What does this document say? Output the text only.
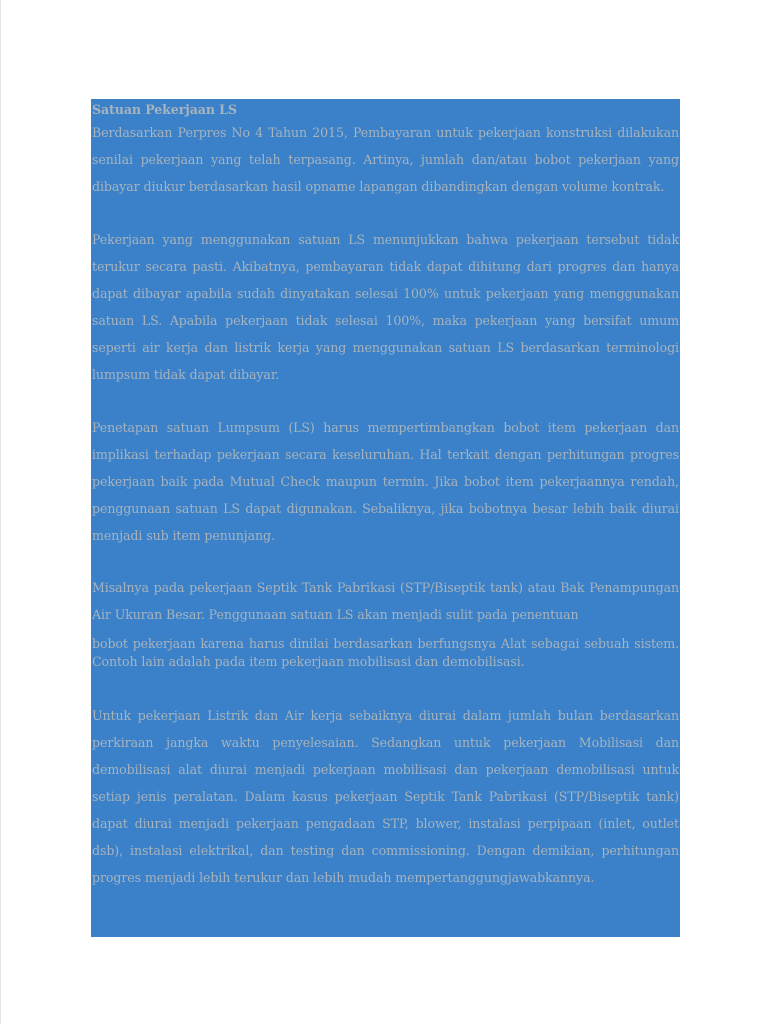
Satuan Pekerjaan LS

Berdasarkan Perpres No 4 Tahun 2015, Pembayaran untuk pekerjaan konstruksi dilakukan senilai pekerjaan yang telah terpasang. Artinya, jumlah dan/atau bobot pekerjaan yang dibayar diukur berdasarkan hasil opname lapangan dibandingkan dengan volume kontrak.

Pekerjaan yang menggunakan satuan LS menunjukkan bahwa pekerjaan tersebut tidak terukur secara pasti. Akibatnya, pembayaran tidak dapat dihitung dari progres dan hanya dapat dibayar apabila sudah dinyatakan selesai 100% untuk pekerjaan yang menggunakan satuan LS. Apabila pekerjaan tidak selesai 100%, maka pekerjaan yang bersifat umum seperti air kerja dan listrik kerja yang menggunakan satuan LS berdasarkan terminologi lumpsum tidak dapat dibayar.

Penetapan satuan Lumpsum (LS) harus mempertimbangkan bobot item pekerjaan dan implikasi terhadap pekerjaan secara keseluruhan. Hal terkait dengan perhitungan progres pekerjaan baik pada Mutual Check maupun termin. Jika bobot item pekerjaannya rendah, penggunaan satuan LS dapat digunakan. Sebaliknya, jika bobotnya besar lebih baik diurai menjadi sub item penunjang.

Misalnya pada pekerjaan Septik Tank Pabrikasi (STP/Biseptik tank) atau Bak Penampungan Air Ukuran Besar. Penggunaan satuan LS akan menjadi sulit pada penentuan

bobot pekerjaan karena harus dinilai berdasarkan berfungsnya Alat sebagai sebuah sistem. Contoh lain adalah pada item pekerjaan mobilisasi dan demobilisasi.

Untuk pekerjaan Listrik dan Air kerja sebaiknya diurai dalam jumlah bulan berdasarkan perkiraan jangka waktu penyelesaian. Sedangkan untuk pekerjaan Mobilisasi dan demobilisasi alat diurai menjadi pekerjaan mobilisasi dan pekerjaan demobilisasi untuk setiap jenis peralatan. Dalam kasus pekerjaan Septik Tank Pabrikasi (STP/Biseptik tank) dapat diurai menjadi pekerjaan pengadaan STP, blower, instalasi perpipaan (inlet, outlet dsb), instalasi elektrikal, dan testing dan commissioning. Dengan demikian, perhitungan progres menjadi lebih terukur dan lebih mudah mempertanggungjawabkannya.
